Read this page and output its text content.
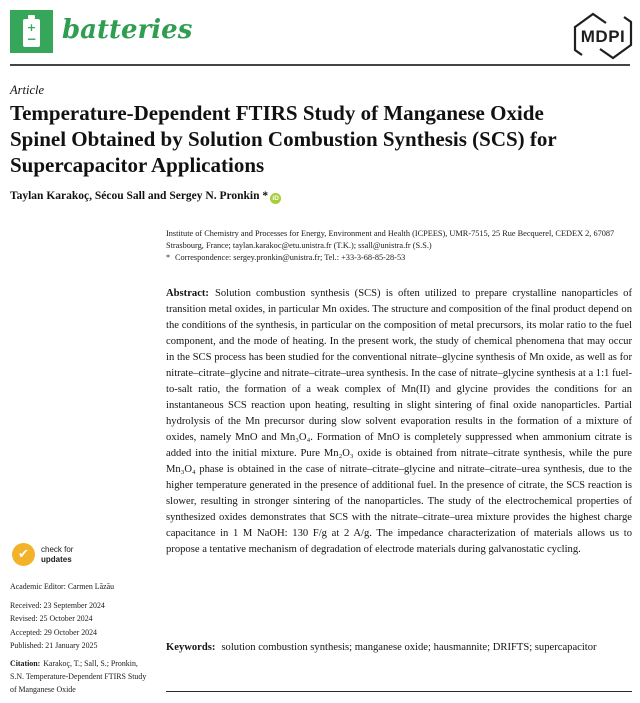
+
− batteries	MDPI
Article
Temperature-Dependent FTIRS Study of Manganese Oxide Spinel Obtained by Solution Combustion Synthesis (SCS) for Supercapacitor Applications
Taylan Karakoç, Sécou Sall and Sergey N. Pronkin * iD

Institute of Chemistry and Processes for Energy, Environment and Health (ICPEES), UMR-7515, 25 Rue Becquerel, CEDEX 2, 67087 Strasbourg, France; taylan.karakoc@etu.unistra.fr (T.K.); ssall@unistra.fr (S.S.)

* Correspondence: sergey.pronkin@unistra.fr; Tel.: +33-3-68-85-28-53

Abstract: Solution combustion synthesis (SCS) is often utilized to prepare crystalline nanoparticles of transition metal oxides, in particular Mn oxides. The structure and composition of the final product depend on the conditions of the synthesis, in particular on the composition of metal precursors, its molar ratio to the fuel component, and the mode of heating. In the present work, the study of chemical phenomena that may occur in the SCS process has been studied for the conventional nitrate–glycine synthesis of Mn oxide, as well as for nitrate–citrate–glycine and nitrate–citrate–urea synthesis. In the case of nitrate–glycine synthesis at a 1:1 fuel-to-salt ratio, the formation of a weak complex of Mn(II) and glycine provides the conditions for an instantaneous SCS reaction upon heating, resulting in slight sintering of final oxide nanoparticles. Partial hydrolysis of the Mn precursor during slow solvent evaporation results in the formation of a mixture of oxides, namely MnO and Mn₃O₄. Formation of MnO is completely suppressed when ammonium citrate is added into the initial mixture. Pure Mn₂O₃ oxide is obtained from nitrate–citrate synthesis, while the pure Mn₃O₄ phase is obtained in the case of nitrate–citrate–glycine and nitrate–citrate–urea synthesis, due to the higher temperature generated in the presence of additional fuel. In the presence of citrate, the SCS reaction is slower, resulting in stronger sintering of the nanoparticles. The study of the electrochemical properties of synthesized oxides demonstrates that SCS with the nitrate–citrate–urea mixture provides the highest charge capacitance in 1 M NaOH: 130 F/g at 2 A/g. The impedance characterization of materials allows us to propose a tentative mechanism of degradation of electrode materials during galvanostatic cycling.

Keywords: solution combustion synthesis; manganese oxide; hausmannite; DRIFTS; supercapacitor

✔	check for
updates
Academic Editor: Carmen Lăzău
Received: 23 September 2024
Revised: 25 October 2024
Accepted: 29 October 2024
Published: 21 January 2025
Citation: Karakoç, T.; Sall, S.; Pronkin, S.N. Temperature-Dependent FTIRS Study of Manganese Oxide
